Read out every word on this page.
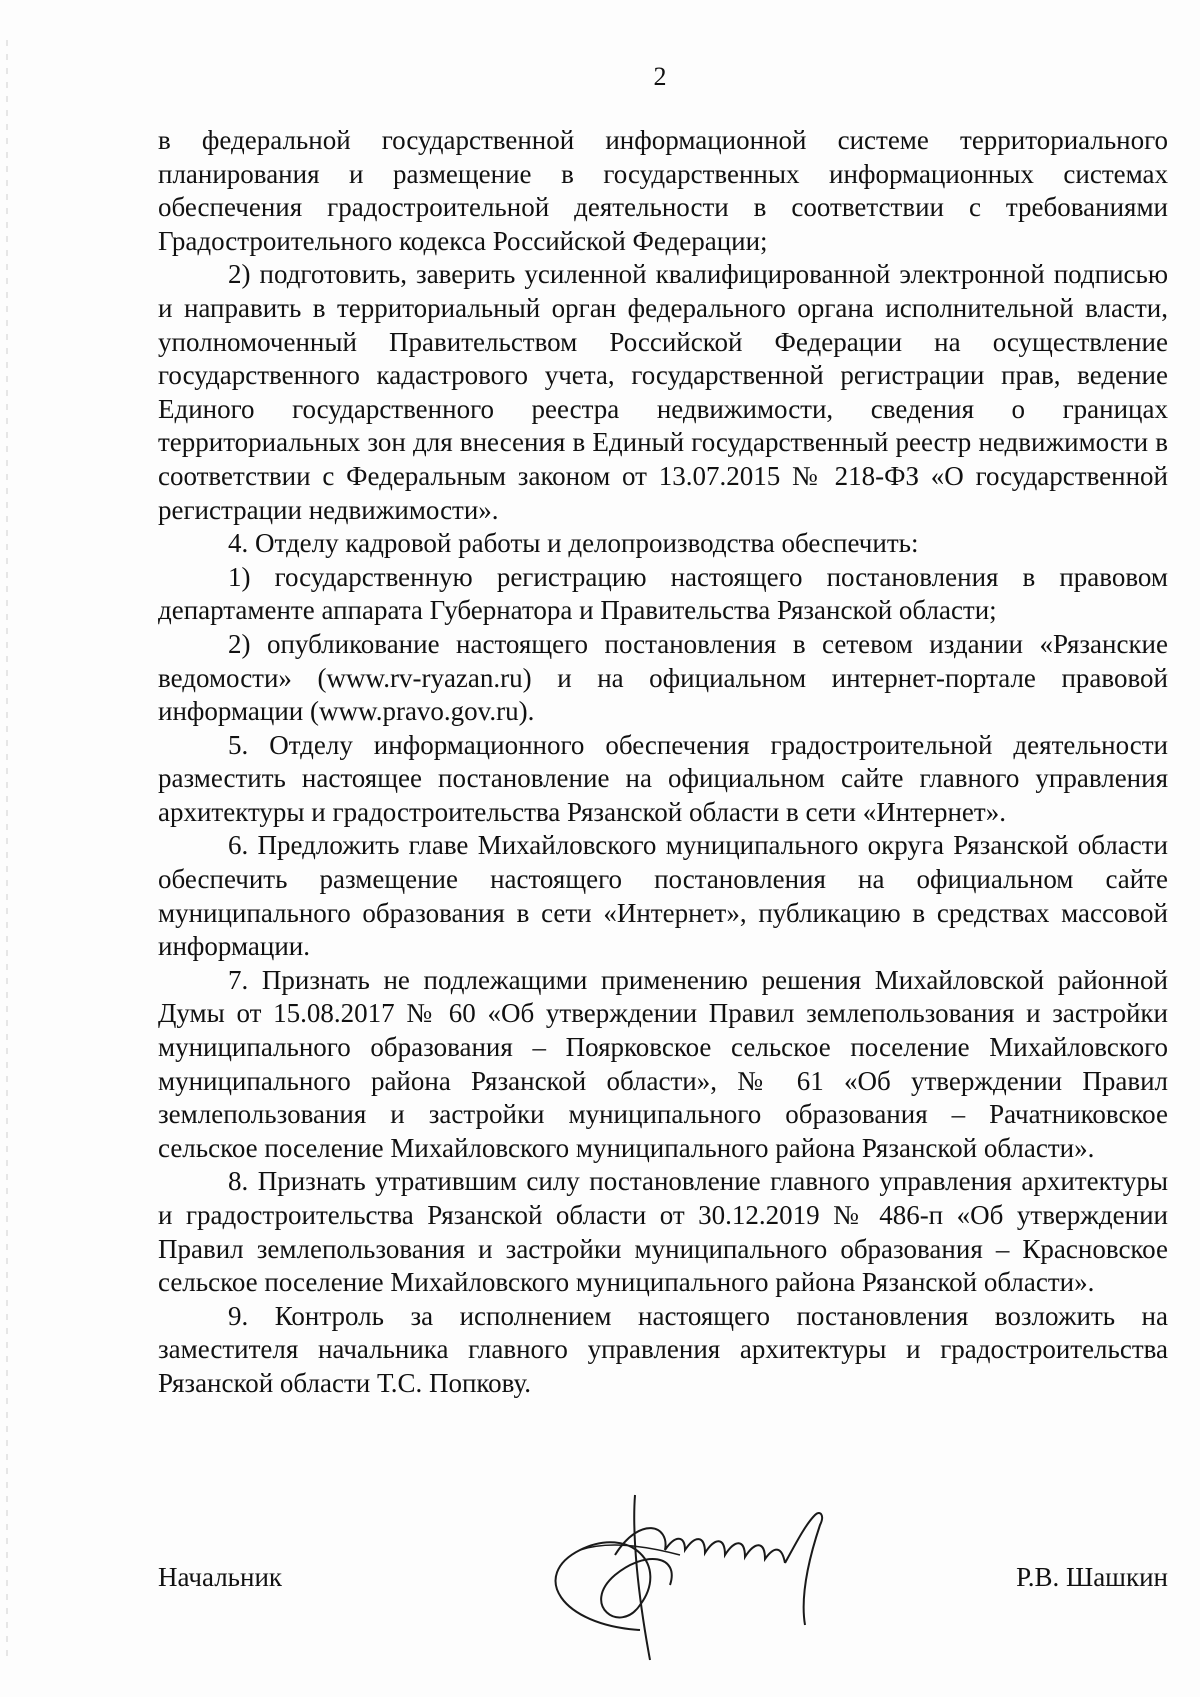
2

в федеральной государственной информационной системе территориального планирования и размещение в государственных информационных системах обеспечения градостроительной деятельности в соответствии с требованиями Градостроительного кодекса Российской Федерации;

2) подготовить, заверить усиленной квалифицированной электронной подписью и направить в территориальный орган федерального органа исполнительной власти, уполномоченный Правительством Российской Федерации на осуществление государственного кадастрового учета, государственной регистрации прав, ведение Единого государственного реестра недвижимости, сведения о границах территориальных зон для внесения в Единый государственный реестр недвижимости в соответствии с Федеральным законом от 13.07.2015 № 218-ФЗ «О государственной регистрации недвижимости».

4. Отделу кадровой работы и делопроизводства обеспечить:

1) государственную регистрацию настоящего постановления в правовом департаменте аппарата Губернатора и Правительства Рязанской области;

2) опубликование настоящего постановления в сетевом издании «Рязанские ведомости» (www.rv-ryazan.ru) и на официальном интернет-портале правовой информации (www.pravo.gov.ru).

5. Отделу информационного обеспечения градостроительной деятельности разместить настоящее постановление на официальном сайте главного управления архитектуры и градостроительства Рязанской области в сети «Интернет».

6. Предложить главе Михайловского муниципального округа Рязанской области обеспечить размещение настоящего постановления на официальном сайте муниципального образования в сети «Интернет», публикацию в средствах массовой информации.

7. Признать не подлежащими применению решения Михайловской районной Думы от 15.08.2017 № 60 «Об утверждении Правил землепользования и застройки муниципального образования – Поярковское сельское поселение Михайловского муниципального района Рязанской области», № 61 «Об утверждении Правил землепользования и застройки муниципального образования – Рачатниковское сельское поселение Михайловского муниципального района Рязанской области».

8. Признать утратившим силу постановление главного управления архитектуры и градостроительства Рязанской области от 30.12.2019 № 486-п «Об утверждении Правил землепользования и застройки муниципального образования – Красновское сельское поселение Михайловского муниципального района Рязанской области».

9. Контроль за исполнением настоящего постановления возложить на заместителя начальника главного управления архитектуры и градостроительства Рязанской области Т.С. Попкову.

Начальник	Р.В. Шашкин
